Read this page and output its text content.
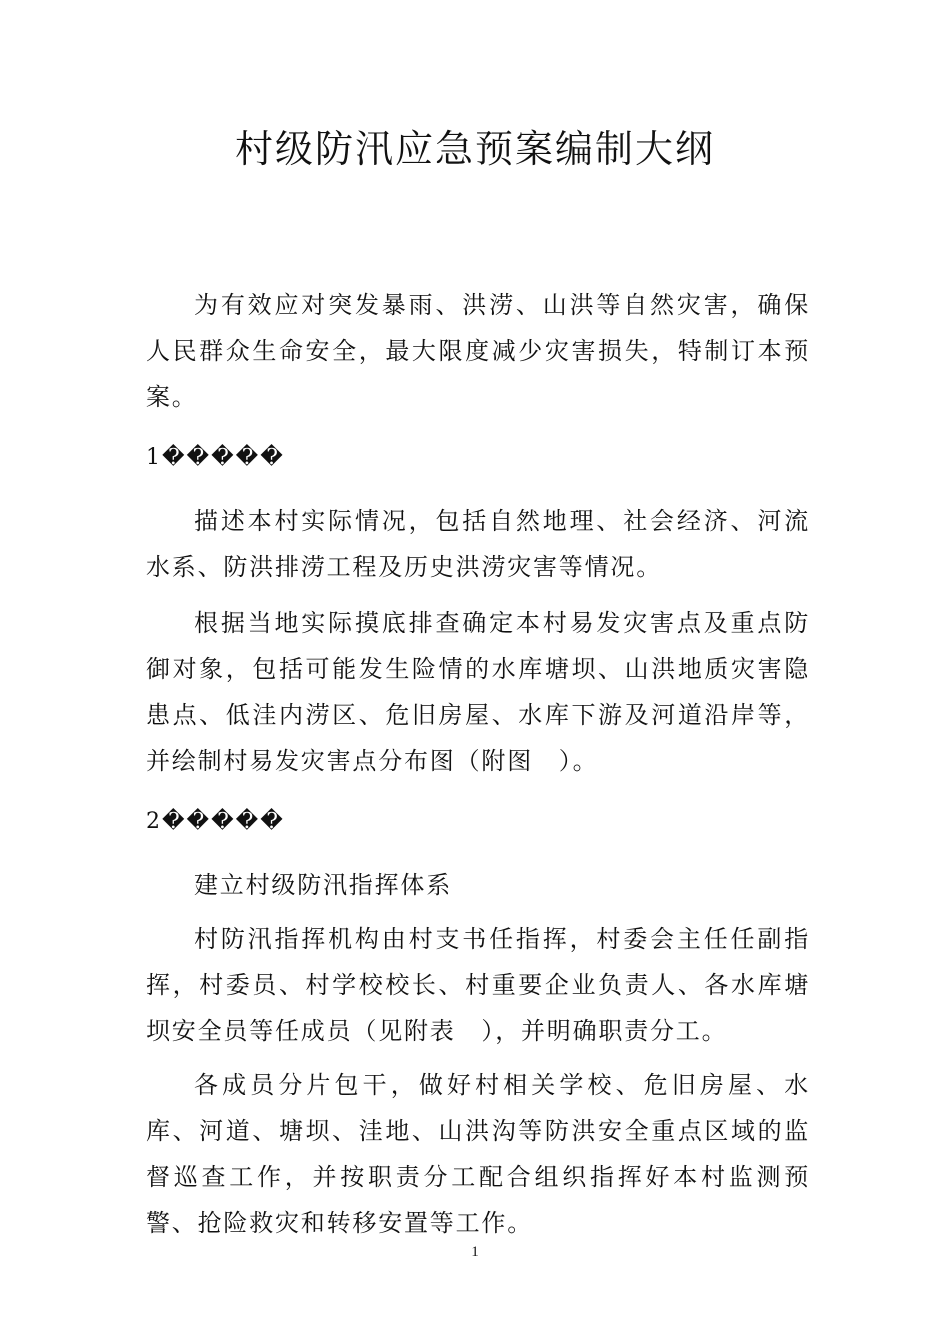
村级防汛应急预案编制大纲

为有效应对突发暴雨、洪涝、山洪等自然灾害，确保人民群众生命安全，最大限度减少灾害损失，特制订本预案。

1�����

描述本村实际情况，包括自然地理、社会经济、河流水系、防洪排涝工程及历史洪涝灾害等情况。

根据当地实际摸底排查确定本村易发灾害点及重点防御对象，包括可能发生险情的水库塘坝、山洪地质灾害隐患点、低洼内涝区、危旧房屋、水库下游及河道沿岸等，并绘制村易发灾害点分布图（附图　）。

2�����

建立村级防汛指挥体系

村防汛指挥机构由村支书任指挥，村委会主任任副指挥，村委员、村学校校长、村重要企业负责人、各水库塘坝安全员等任成员（见附表　），并明确职责分工。

各成员分片包干，做好村相关学校、危旧房屋、水库、河道、塘坝、洼地、山洪沟等防洪安全重点区域的监督巡查工作，并按职责分工配合组织指挥好本村监测预警、抢险救灾和转移安置等工作。

1
